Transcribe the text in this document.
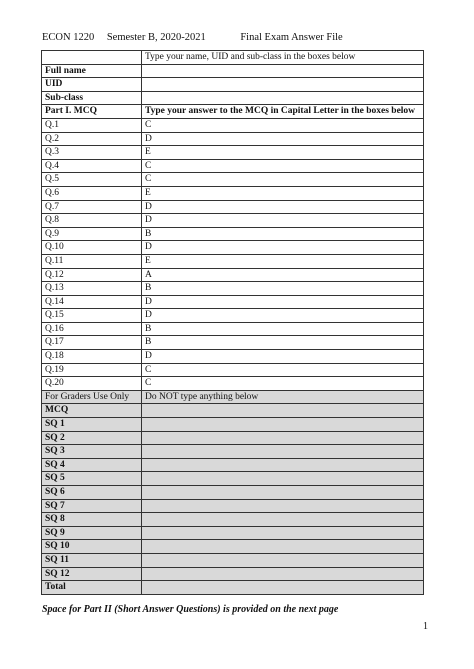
ECON 1220 Semester B, 2020-2021	Final Exam Answer File
	Type your name, UID and sub-class in the boxes below
Full name	
UID	
Sub-class	
Part I. MCQ	Type your answer to the MCQ in Capital Letter in the boxes below
Q.1	C
Q.2	D
Q.3	E
Q.4	C
Q.5	C
Q.6	E
Q.7	D
Q.8	D
Q.9	B
Q.10	D
Q.11	E
Q.12	A
Q.13	B
Q.14	D
Q.15	D
Q.16	B
Q.17	B
Q.18	D
Q.19	C
Q.20	C
For Graders Use Only	Do NOT type anything below
MCQ	
SQ 1	
SQ 2	
SQ 3	
SQ 4	
SQ 5	
SQ 6	
SQ 7	
SQ 8	
SQ 9	
SQ 10	
SQ 11	
SQ 12	
Total	
Space for Part II (Short Answer Questions) is provided on the next page
1
